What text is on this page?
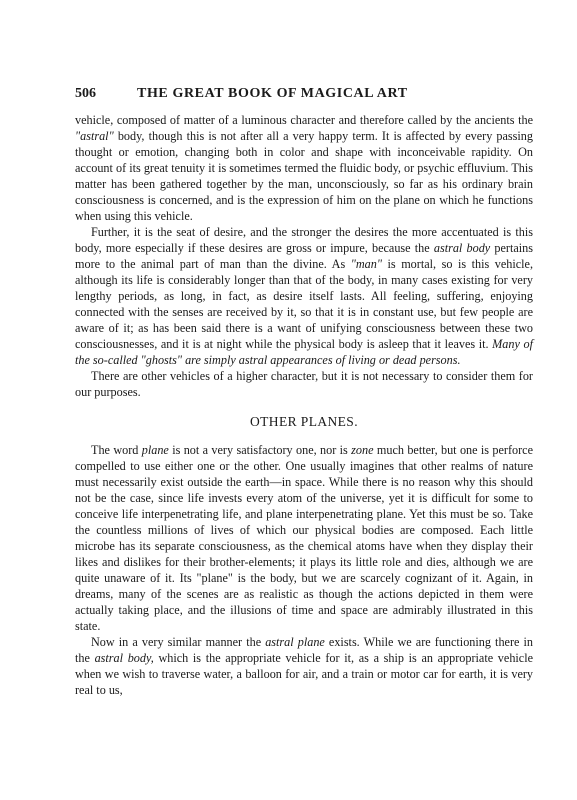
506	THE GREAT BOOK OF MAGICAL ART

vehicle, composed of matter of a luminous character and therefore called by the ancients the "astral" body, though this is not after all a very happy term. It is affected by every passing thought or emotion, changing both in color and shape with inconceivable rapidity. On account of its great tenuity it is sometimes termed the fluidic body, or psychic effluvium. This matter has been gathered together by the man, unconsciously, so far as his ordinary brain consciousness is concerned, and is the expression of him on the plane on which he functions when using this vehicle.

Further, it is the seat of desire, and the stronger the desires the more accentuated is this body, more especially if these desires are gross or impure, because the astral body pertains more to the animal part of man than the divine. As "man" is mortal, so is this vehicle, although its life is considerably longer than that of the body, in many cases existing for very lengthy periods, as long, in fact, as desire itself lasts. All feeling, suffering, enjoying connected with the senses are received by it, so that it is in constant use, but few people are aware of it; as has been said there is a want of unifying consciousness between these two consciousnesses, and it is at night while the physical body is asleep that it leaves it. Many of the so-called "ghosts" are simply astral appearances of living or dead persons.

There are other vehicles of a higher character, but it is not necessary to consider them for our purposes.

OTHER PLANES.

The word plane is not a very satisfactory one, nor is zone much better, but one is perforce compelled to use either one or the other. One usually imagines that other realms of nature must necessarily exist outside the earth—in space. While there is no reason why this should not be the case, since life invests every atom of the universe, yet it is difficult for some to conceive life interpenetrating life, and plane interpenetrating plane. Yet this must be so. Take the countless millions of lives of which our physical bodies are composed. Each little microbe has its separate consciousness, as the chemical atoms have when they display their likes and dislikes for their brother-elements; it plays its little role and dies, although we are quite unaware of it. Its "plane" is the body, but we are scarcely cognizant of it. Again, in dreams, many of the scenes are as realistic as though the actions depicted in them were actually taking place, and the illusions of time and space are admirably illustrated in this state.

Now in a very similar manner the astral plane exists. While we are functioning there in the astral body, which is the appropriate vehicle for it, as a ship is an appropriate vehicle when we wish to traverse water, a balloon for air, and a train or motor car for earth, it is very real to us,
